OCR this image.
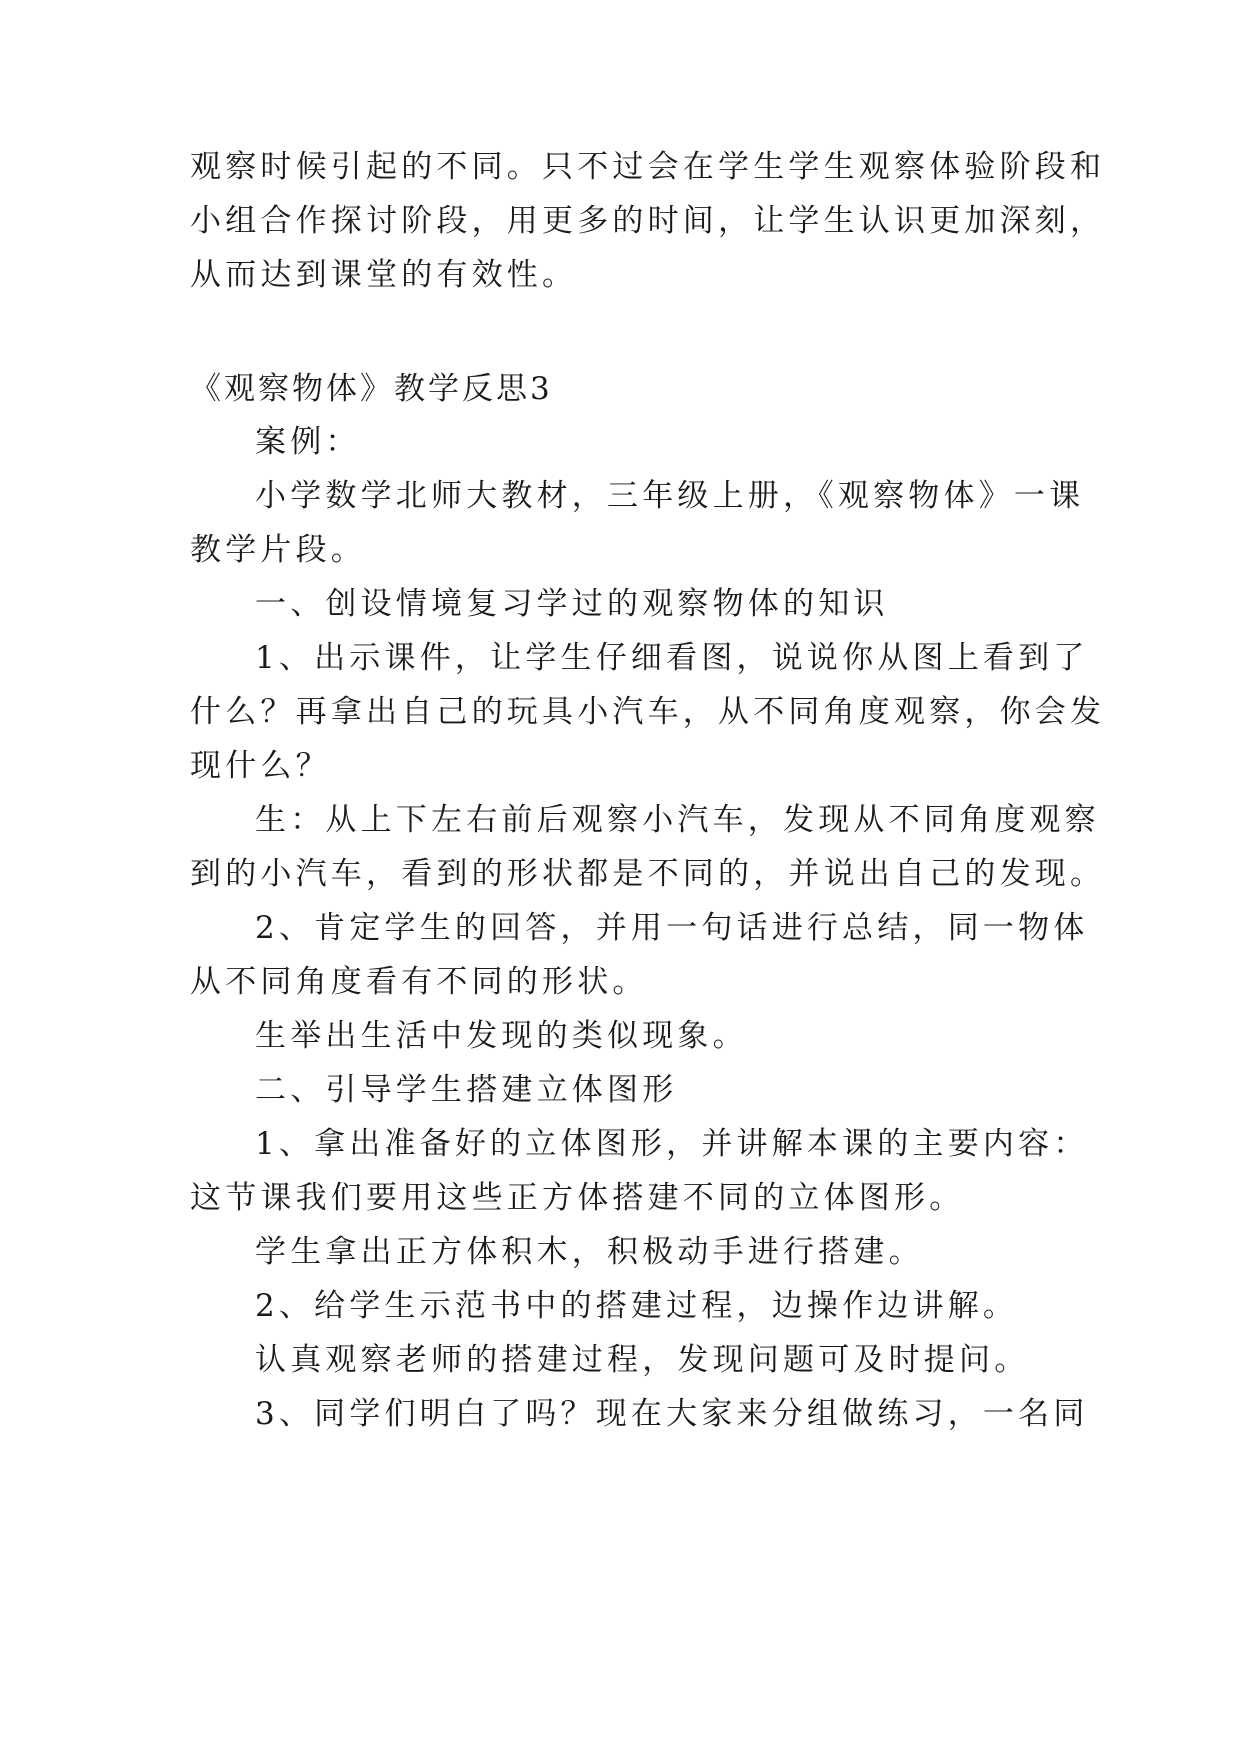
观察时候引起的不同。只不过会在学生学生观察体验阶段和
小组合作探讨阶段，用更多的时间，让学生认识更加深刻，
从而达到课堂的有效性。
《观察物体》教学反思3
案例：
小学数学北师大教材，三年级上册，《观察物体》一课
教学片段。
一、创设情境复习学过的观察物体的知识
1、出示课件，让学生仔细看图，说说你从图上看到了
什么？再拿出自己的玩具小汽车，从不同角度观察，你会发
现什么？
生：从上下左右前后观察小汽车，发现从不同角度观察
到的小汽车，看到的形状都是不同的，并说出自己的发现。
2、肯定学生的回答，并用一句话进行总结，同一物体
从不同角度看有不同的形状。
生举出生活中发现的类似现象。
二、引导学生搭建立体图形
1、拿出准备好的立体图形，并讲解本课的主要内容：
这节课我们要用这些正方体搭建不同的立体图形。
学生拿出正方体积木，积极动手进行搭建。
2、给学生示范书中的搭建过程，边操作边讲解。
认真观察老师的搭建过程，发现问题可及时提问。
3、同学们明白了吗？现在大家来分组做练习，一名同
